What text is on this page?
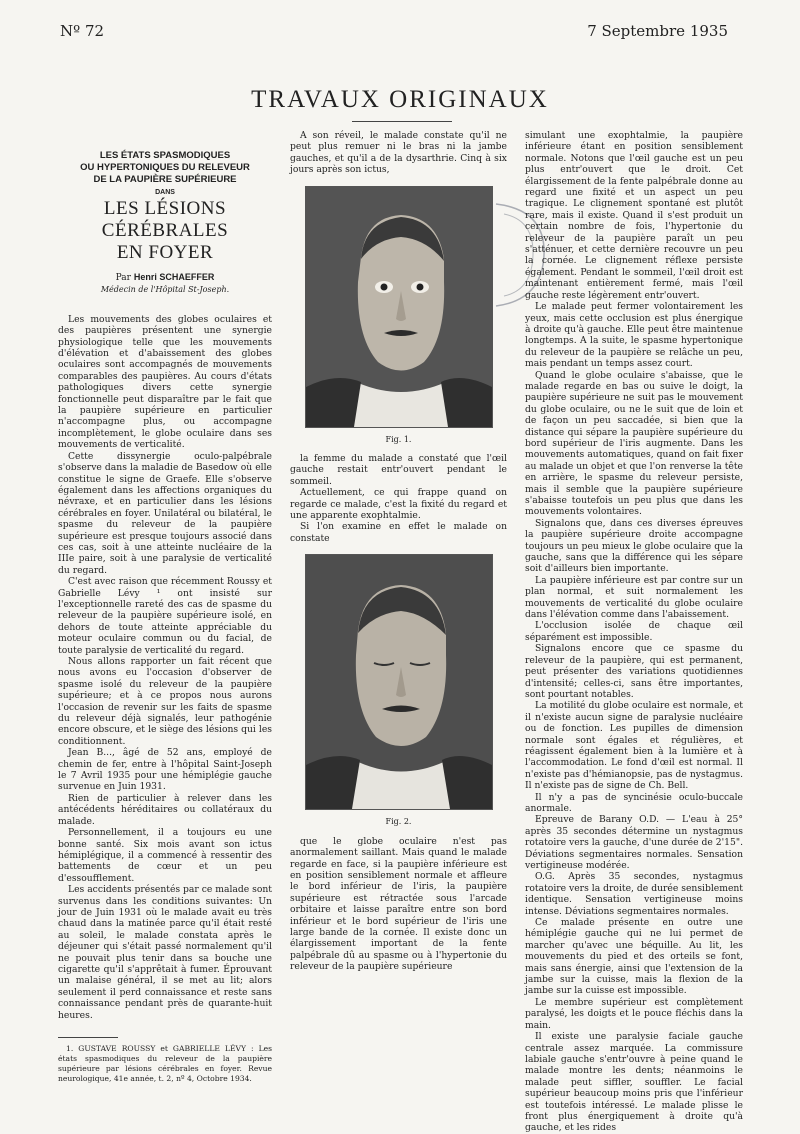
Nº 72	7 Septembre 1935
TRAVAUX ORIGINAUX
LES ÉTATS SPASMODIQUES
OU HYPERTONIQUES DU RELEVEUR
DE LA PAUPIÈRE SUPÉRIEURE
DANS
LES LÉSIONS CÉRÉBRALES
EN FOYER
Par Henri SCHAEFFER
Médecin de l'Hôpital St-Joseph.

Les mouvements des globes oculaires et des paupières présentent une synergie physiologique telle que les mouvements d'élévation et d'abaissement des globes oculaires sont accompagnés de mouvements comparables des paupières. Au cours d'états pathologiques divers cette synergie fonctionnelle peut disparaître par le fait que la paupière supérieure en particulier n'accompagne plus, ou accompagne incomplètement, le globe oculaire dans ses mouvements de verticalité.

Cette dissynergie oculo-palpébrale s'observe dans la maladie de Basedow où elle constitue le signe de Graefe. Elle s'observe également dans les affections organiques du névraxe, et en particulier dans les lésions cérébrales en foyer. Unilatéral ou bilatéral, le spasme du releveur de la paupière supérieure est presque toujours associé dans ces cas, soit à une atteinte nucléaire de la IIIe paire, soit à une paralysie de verticalité du regard.

C'est avec raison que récemment Roussy et Gabrielle Lévy ¹ ont insisté sur l'exceptionnelle rareté des cas de spasme du releveur de la paupière supérieure isolé, en dehors de toute atteinte appréciable du moteur oculaire commun ou du facial, de toute paralysie de verticalité du regard.

Nous allons rapporter un fait récent que nous avons eu l'occasion d'observer de spasme isolé du releveur de la paupière supérieure; et à ce propos nous aurons l'occasion de revenir sur les faits de spasme du releveur déjà signalés, leur pathogénie encore obscure, et le siège des lésions qui les conditionnent.

Jean B..., âgé de 52 ans, employé de chemin de fer, entre à l'hôpital Saint-Joseph le 7 Avril 1935 pour une hémiplégie gauche survenue en Juin 1931.

Rien de particulier à relever dans les antécédents héréditaires ou collatéraux du malade.

Personnellement, il a toujours eu une bonne santé. Six mois avant son ictus hémiplégique, il a commencé à ressentir des battements de cœur et un peu d'essoufflement.

Les accidents présentés par ce malade sont survenus dans les conditions suivantes: Un jour de Juin 1931 où le malade avait eu très chaud dans la matinée parce qu'il était resté au soleil, le malade constata après le déjeuner qui s'était passé normalement qu'il ne pouvait plus tenir dans sa bouche une cigarette qu'il s'apprêtait à fumer. Éprouvant un malaise général, il se met au lit; alors seulement il perd connaissance et reste sans connaissance pendant près de quarante-huit heures.

1. GUSTAVE ROUSSY et GABRIELLE LÉVY : Les états spasmodiques du releveur de la paupière supérieure par lésions cérébrales en foyer. Revue neurologique, 41e année, t. 2, nº 4, Octobre 1934.

A son réveil, le malade constate qu'il ne peut plus remuer ni le bras ni la jambe gauches, et qu'il a de la dysarthrie. Cinq à six jours après son ictus,

Fig. 1.

la femme du malade a constaté que l'œil gauche restait entr'ouvert pendant le sommeil.

Actuellement, ce qui frappe quand on regarde ce malade, c'est la fixité du regard et une apparente exophtalmie.

Si l'on examine en effet le malade on constate

Fig. 2.

que le globe oculaire n'est pas anormalement saillant. Mais quand le malade regarde en face, si la paupière inférieure est en position sensiblement normale et affleure le bord inférieur de l'iris, la paupière supérieure est rétractée sous l'arcade orbitaire et laisse paraître entre son bord inférieur et le bord supérieur de l'iris une large bande de la cornée. Il existe donc un élargissement important de la fente palpébrale dû au spasme ou à l'hypertonie du releveur de la paupière supérieure

simulant une exophtalmie, la paupière inférieure étant en position sensiblement normale. Notons que l'œil gauche est un peu plus entr'ouvert que le droit. Cet élargissement de la fente palpébrale donne au regard une fixité et un aspect un peu tragique. Le clignement spontané est plutôt rare, mais il existe. Quand il s'est produit un certain nombre de fois, l'hypertonie du releveur de la paupière paraît un peu s'atténuer, et cette dernière recouvre un peu la cornée. Le clignement réflexe persiste également. Pendant le sommeil, l'œil droit est maintenant entièrement fermé, mais l'œil gauche reste légèrement entr'ouvert.

Le malade peut fermer volontairement les yeux, mais cette occlusion est plus énergique à droite qu'à gauche. Elle peut être maintenue longtemps. A la suite, le spasme hypertonique du releveur de la paupière se relâche un peu, mais pendant un temps assez court.

Quand le globe oculaire s'abaisse, que le malade regarde en bas ou suive le doigt, la paupière supérieure ne suit pas le mouvement du globe oculaire, ou ne le suit que de loin et de façon un peu saccadée, si bien que la distance qui sépare la paupière supérieure du bord supérieur de l'iris augmente. Dans les mouvements automatiques, quand on fait fixer au malade un objet et que l'on renverse la tête en arrière, le spasme du releveur persiste, mais il semble que la paupière supérieure s'abaisse toutefois un peu plus que dans les mouvements volontaires.

Signalons que, dans ces diverses épreuves la paupière supérieure droite accompagne toujours un peu mieux le globe oculaire que la gauche, sans que la différence qui les sépare soit d'ailleurs bien importante.

La paupière inférieure est par contre sur un plan normal, et suit normalement les mouvements de verticalité du globe oculaire dans l'élévation comme dans l'abaissement.

L'occlusion isolée de chaque œil séparément est impossible.

Signalons encore que ce spasme du releveur de la paupière, qui est permanent, peut présenter des variations quotidiennes d'intensité; celles-ci, sans être importantes, sont pourtant notables.

La motilité du globe oculaire est normale, et il n'existe aucun signe de paralysie nucléaire ou de fonction. Les pupilles de dimension normale sont égales et régulières, et réagissent également bien à la lumière et à l'accommodation. Le fond d'œil est normal. Il n'existe pas d'hémianopsie, pas de nystagmus. Il n'existe pas de signe de Ch. Bell.

Il n'y a pas de syncinésie oculo-buccale anormale.

Epreuve de Barany O.D. — L'eau à 25° après 35 secondes détermine un nystagmus rotatoire vers la gauche, d'une durée de 2'15". Déviations segmentaires normales. Sensation vertigineuse modérée.

O.G. Après 35 secondes, nystagmus rotatoire vers la droite, de durée sensiblement identique. Sensation vertigineuse moins intense. Déviations segmentaires normales.

Ce malade présente en outre une hémiplégie gauche qui ne lui permet de marcher qu'avec une béquille. Au lit, les mouvements du pied et des orteils se font, mais sans énergie, ainsi que l'extension de la jambe sur la cuisse, mais la flexion de la jambe sur la cuisse est impossible.

Le membre supérieur est complètement paralysé, les doigts et le pouce fléchis dans la main.

Il existe une paralysie faciale gauche centrale assez marquée. La commissure labiale gauche s'entr'ouvre à peine quand le malade montre les dents; néanmoins le malade peut siffler, souffler. Le facial supérieur beaucoup moins pris que l'inférieur est toutefois intéressé. Le malade plisse le front plus énergiquement à droite qu'à gauche, et les rides
